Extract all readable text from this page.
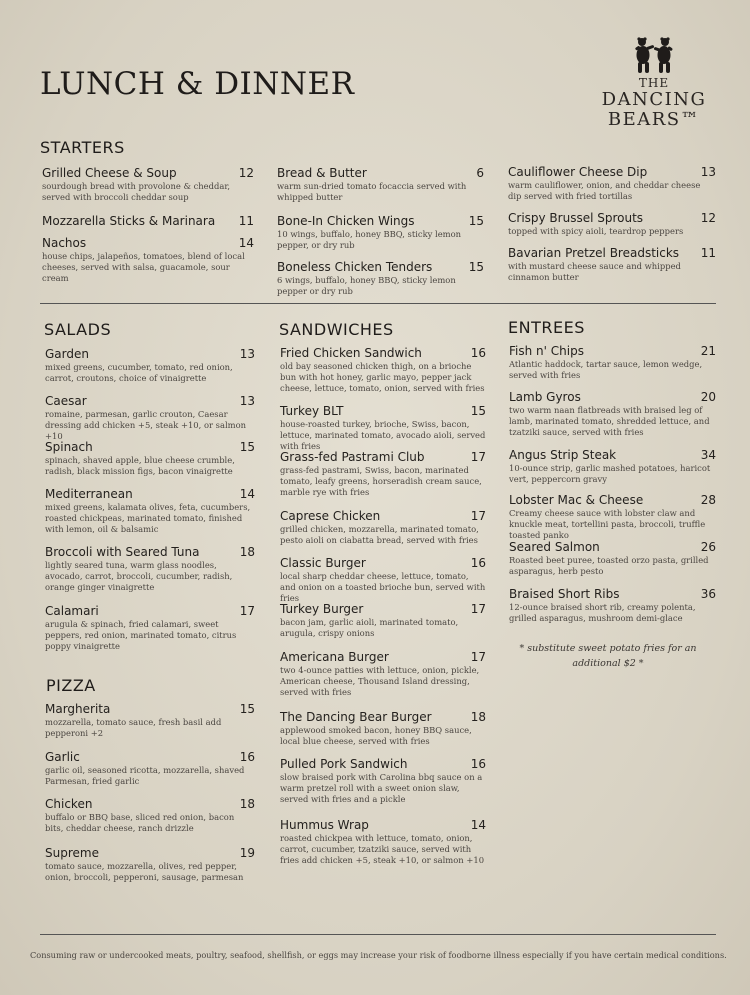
LUNCH & DINNER	THE
DANCING
BEARS™
STARTERS
Grilled Cheese & Soup	12
sourdough bread with provolone & cheddar, served with broccoli cheddar soup
Mozzarella Sticks & Marinara 11
Nachos	14
house chips, jalapeños, tomatoes, blend of local cheeses, served with salsa, guacamole, sour cream
Bread & Butter	6
warm sun-dried tomato focaccia served with whipped butter
Bone-In Chicken Wings	15
10 wings, buffalo, honey BBQ, sticky lemon pepper, or dry rub
Boneless Chicken Tenders	15
6 wings, buffalo, honey BBQ, sticky lemon pepper or dry rub
Cauliflower Cheese Dip	13
warm cauliflower, onion, and cheddar cheese dip served with fried tortillas
Crispy Brussel Sprouts	12
topped with spicy aioli, teardrop peppers
Bavarian Pretzel Breadsticks 11
with mustard cheese sauce and whipped cinnamon butter
SALADS
Garden	13
mixed greens, cucumber, tomato, red onion, carrot, croutons, choice of vinaigrette
Caesar	13
romaine, parmesan, garlic crouton, Caesar dressing add chicken +5, steak +10, or salmon +10
Spinach	15
spinach, shaved apple, blue cheese crumble, radish, black mission figs, bacon vinaigrette
Mediterranean	14
mixed greens, kalamata olives, feta, cucumbers, roasted chickpeas, marinated tomato, finished with lemon, oil & balsamic
Broccoli with Seared Tuna	18
lightly seared tuna, warm glass noodles, avocado, carrot, broccoli, cucumber, radish, orange ginger vinaigrette
Calamari	17
arugula & spinach, fried calamari, sweet peppers, red onion, marinated tomato, citrus poppy vinaigrette
PIZZA
Margherita	15
mozzarella, tomato sauce, fresh basil add pepperoni +2
Garlic	16
garlic oil, seasoned ricotta, mozzarella, shaved Parmesan, fried garlic
Chicken	18
buffalo or BBQ base, sliced red onion, bacon bits, cheddar cheese, ranch drizzle
Supreme	19
tomato sauce, mozzarella, olives, red pepper, onion, broccoli, pepperoni, sausage, parmesan
SANDWICHES
Fried Chicken Sandwich	16
old bay seasoned chicken thigh, on a brioche bun with hot honey, garlic mayo, pepper jack cheese, lettuce, tomato, onion, served with fries
Turkey BLT	15
house-roasted turkey, brioche, Swiss, bacon, lettuce, marinated tomato, avocado aioli, served with fries
Grass-fed Pastrami Club	17
grass-fed pastrami, Swiss, bacon, marinated tomato, leafy greens, horseradish cream sauce, marble rye with fries
Caprese Chicken	17
grilled chicken, mozzarella, marinated tomato, pesto aioli on ciabatta bread, served with fries
Classic Burger	16
local sharp cheddar cheese, lettuce, tomato, and onion on a toasted brioche bun, served with fries
Turkey Burger	17
bacon jam, garlic aioli, marinated tomato, arugula, crispy onions
Americana Burger	17
two 4-ounce patties with lettuce, onion, pickle, American cheese, Thousand Island dressing, served with fries
The Dancing Bear Burger	18
applewood smoked bacon, honey BBQ sauce, local blue cheese, served with fries
Pulled Pork Sandwich	16
slow braised pork with Carolina bbq sauce on a warm pretzel roll with a sweet onion slaw, served with fries and a pickle
Hummus Wrap	14
roasted chickpea with lettuce, tomato, onion, carrot, cucumber, tzatziki sauce, served with fries add chicken +5, steak +10, or salmon +10
ENTREES
Fish n' Chips	21
Atlantic haddock, tartar sauce, lemon wedge, served with fries
Lamb Gyros	20
two warm naan flatbreads with braised leg of lamb, marinated tomato, shredded lettuce, and tzatziki sauce, served with fries
Angus Strip Steak	34
10-ounce strip, garlic mashed potatoes, haricot vert, peppercorn gravy
Lobster Mac & Cheese	28
Creamy cheese sauce with lobster claw and knuckle meat, tortellini pasta, broccoli, truffle toasted panko
Seared Salmon	26
Roasted beet puree, toasted orzo pasta, grilled asparagus, herb pesto
Braised Short Ribs	36
12-ounce braised short rib, creamy polenta, grilled asparagus, mushroom demi-glace
* substitute sweet potato fries for an additional $2 *
Consuming raw or undercooked meats, poultry, seafood, shellfish, or eggs may increase your risk of foodborne illness especially if you have certain medical conditions.
